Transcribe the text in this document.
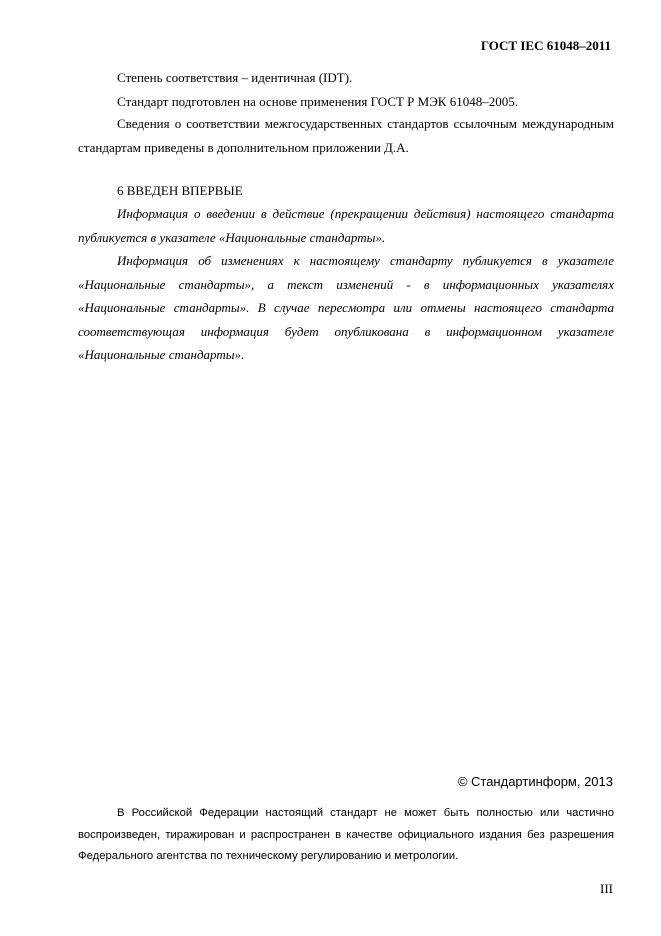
ГОСТ IEC 61048–2011
Степень соответствия – идентичная (IDT).
Стандарт подготовлен на основе применения ГОСТ Р МЭК 61048–2005.

Сведения о соответствии межгосударственных стандартов ссылочным международным стандартам приведены в дополнительном приложении Д.А.

6 ВВЕДЕН ВПЕРВЫЕ

Информация о введении в действие (прекращении действия) настоящего стандарта публикуется в указателе «Национальные стандарты».

Информация об изменениях к настоящему стандарту публикуется в указателе «Национальные стандарты», а текст изменений - в информационных указателях «Национальные стандарты». В случае пересмотра или отмены настоящего стандарта соответствующая информация будет опубликована в информационном указателе «Национальные стандарты».

© Стандартинформ, 2013

В Российской Федерации настоящий стандарт не может быть полностью или частично воспроизведен, тиражирован и распространен в качестве официального издания без разрешения Федерального агентства по техническому регулированию и метрологии.

III
